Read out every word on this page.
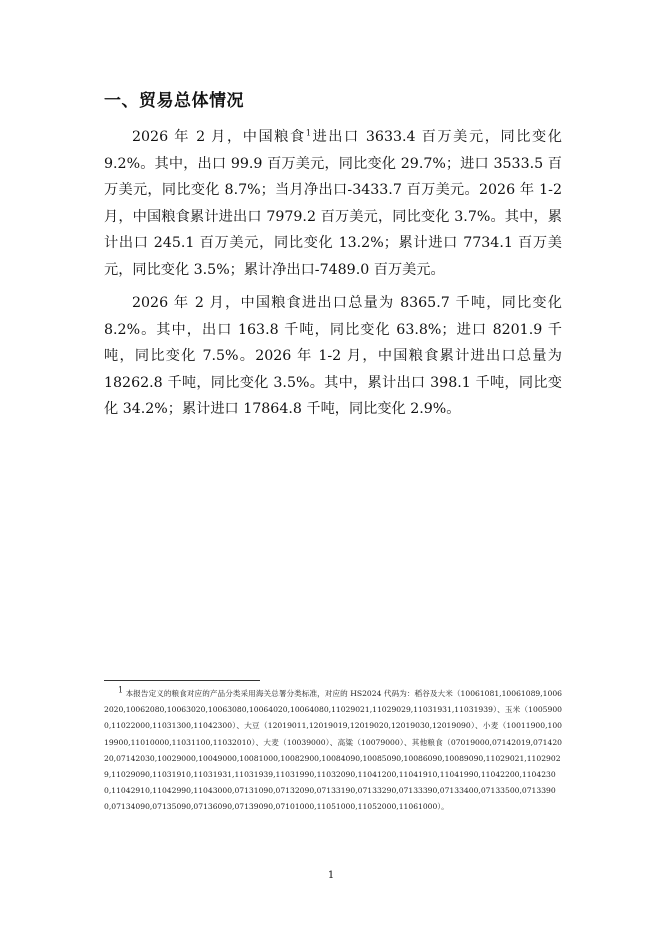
一、贸易总体情况

2026 年 2 月，中国粮食$^1$进出口 3633.4 百万美元，同比变化 9.2%。其中，出口 99.9 百万美元，同比变化 29.7%；进口 3533.5 百万美元，同比变化 8.7%；当月净出口-3433.7 百万美元。2026 年 1-2 月，中国粮食累计进出口 7979.2 百万美元，同比变化 3.7%。其中，累计出口 245.1 百万美元，同比变化 13.2%；累计进口 7734.1 百万美元，同比变化 3.5%；累计净出口-7489.0 百万美元。

2026 年 2 月，中国粮食进出口总量为 8365.7 千吨，同比变化 8.2%。其中，出口 163.8 千吨，同比变化 63.8%；进口 8201.9 千吨，同比变化 7.5%。2026 年 1-2 月，中国粮食累计进出口总量为 18262.8 千吨，同比变化 3.5%。其中，累计出口 398.1 千吨，同比变化 34.2%；累计进口 17864.8 千吨，同比变化 2.9%。

$^1$ 本报告定义的粮食对应的产品分类采用海关总署分类标准，对应的 HS2024 代码为：稻谷及大米（10061081,10061089,10062020,10062080,10063020,10063080,10064020,10064080,11029021,11029029,11031931,11031939）、玉米（10059000,11022000,11031300,11042300）、大豆（12019011,12019019,12019020,12019030,12019090）、小麦（10011900,10019900,11010000,11031100,11032010）、大麦（10039000）、高粱（10079000）、其他粮食（07019000,07142019,07142020,07142030,10029000,10049000,10081000,10082900,10084090,10085090,10086090,10089090,11029021,11029029,11029090,11031910,11031931,11031939,11031990,11032090,11041200,11041910,11041990,11042200,11042300,11042910,11042990,11043000,07131090,07132090,07133190,07133290,07133390,07133400,07133500,07133900,07134090,07135090,07136090,07139090,07101000,11051000,11052000,11061000）。

1
